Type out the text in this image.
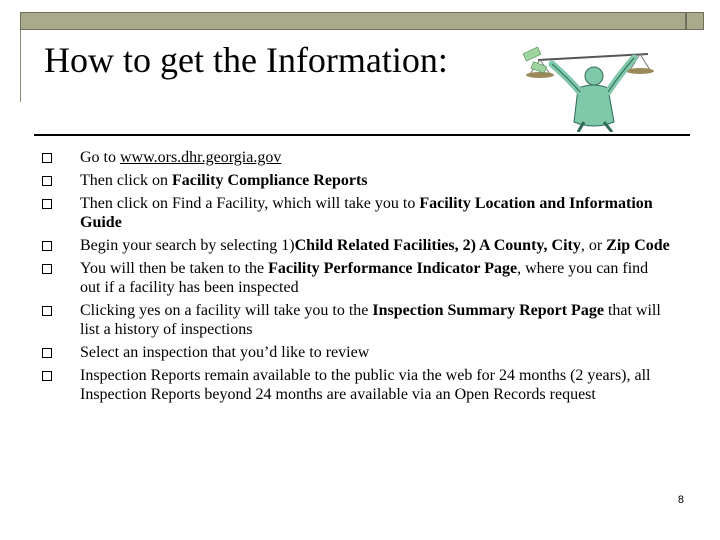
How to get the Information:
Go to www.ors.dhr.georgia.gov
Then click on Facility Compliance Reports
Then click on Find a Facility, which will take you to Facility Location and Information Guide
Begin your search by selecting 1)Child Related Facilities, 2) A County, City, or Zip Code
You will then be taken to the Facility Performance Indicator Page, where you can find out if a facility has been inspected
Clicking yes on a facility will take you to the Inspection Summary Report Page that will list a history of inspections
Select an inspection that you’d like to review
Inspection Reports remain available to the public via the web for 24 months (2 years), all Inspection Reports beyond 24 months are available via an Open Records request
8
